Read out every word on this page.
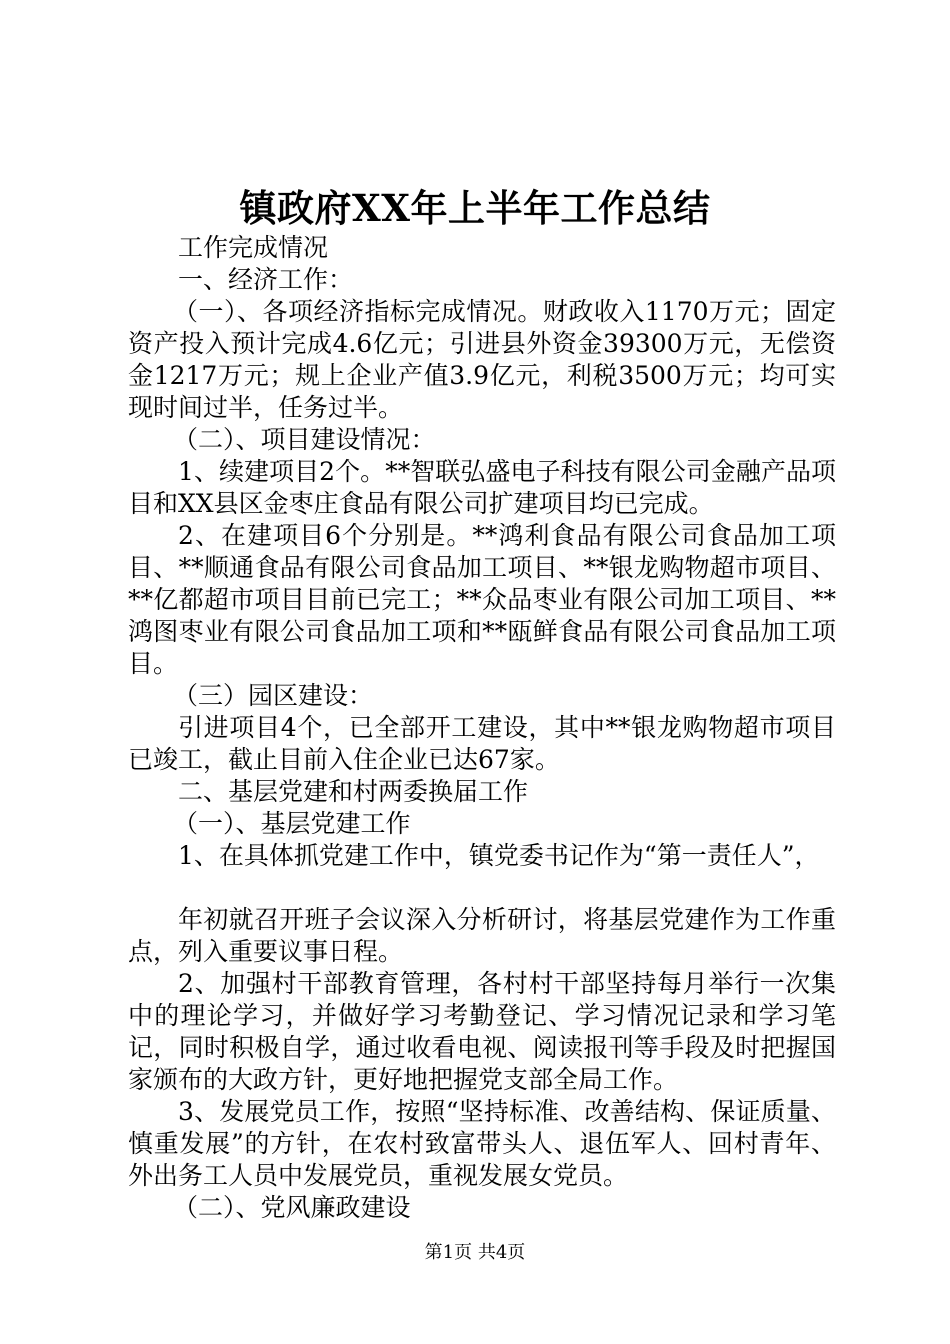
镇政府XX年上半年工作总结

工作完成情况

一、经济工作：

（一）、各项经济指标完成情况。财政收入1170万元；固定资产投入预计完成4.6亿元；引进县外资金39300万元，无偿资金1217万元；规上企业产值3.9亿元，利税3500万元；均可实现时间过半，任务过半。

（二）、项目建设情况：

1、续建项目2个。**智联弘盛电子科技有限公司金融产品项目和XX县区金枣庄食品有限公司扩建项目均已完成。

2、在建项目6个分别是。**鸿利食品有限公司食品加工项目、**顺通食品有限公司食品加工项目、**银龙购物超市项目、**亿都超市项目目前已完工；**众品枣业有限公司加工项目、**鸿图枣业有限公司食品加工项和**瓯鲜食品有限公司食品加工项目。

（三）园区建设：

引进项目4个，已全部开工建设，其中**银龙购物超市项目已竣工，截止目前入住企业已达67家。

二、基层党建和村两委换届工作

（一）、基层党建工作

1、在具体抓党建工作中，镇党委书记作为“第一责任人”，

年初就召开班子会议深入分析研讨，将基层党建作为工作重点，列入重要议事日程。

2、加强村干部教育管理，各村村干部坚持每月举行一次集中的理论学习，并做好学习考勤登记、学习情况记录和学习笔记，同时积极自学，通过收看电视、阅读报刊等手段及时把握国家颁布的大政方针，更好地把握党支部全局工作。

3、发展党员工作，按照“坚持标准、改善结构、保证质量、慎重发展”的方针，在农村致富带头人、退伍军人、回村青年、外出务工人员中发展党员，重视发展女党员。

（二）、党风廉政建设

第1页 共4页
